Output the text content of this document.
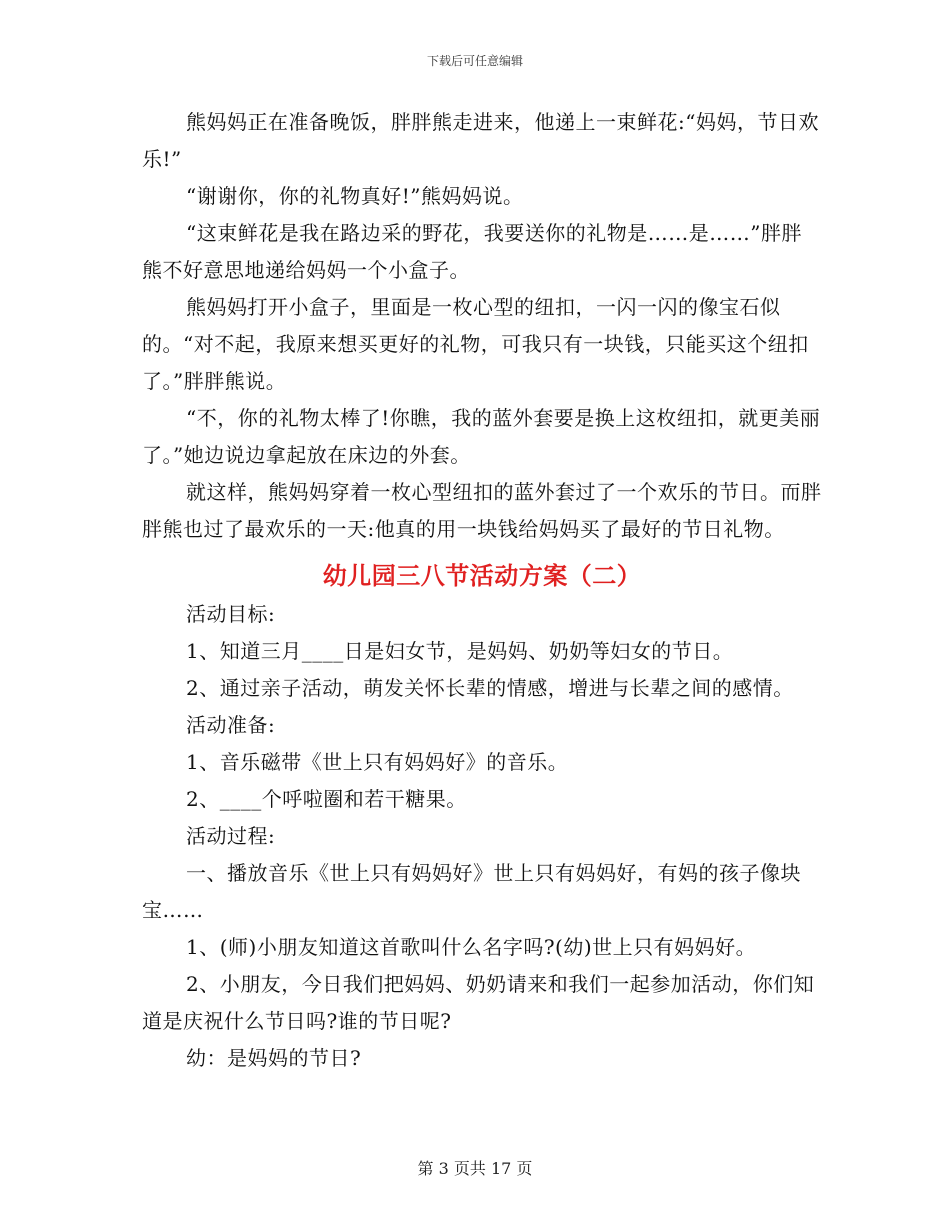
下载后可任意编辑

熊妈妈正在准备晚饭，胖胖熊走进来，他递上一束鲜花:“妈妈，节日欢乐!”

“谢谢你，你的礼物真好!”熊妈妈说。

“这束鲜花是我在路边采的野花，我要送你的礼物是……是……”胖胖熊不好意思地递给妈妈一个小盒子。

熊妈妈打开小盒子，里面是一枚心型的纽扣，一闪一闪的像宝石似的。“对不起，我原来想买更好的礼物，可我只有一块钱，只能买这个纽扣了。”胖胖熊说。

“不，你的礼物太棒了!你瞧，我的蓝外套要是换上这枚纽扣，就更美丽了。”她边说边拿起放在床边的外套。

就这样，熊妈妈穿着一枚心型纽扣的蓝外套过了一个欢乐的节日。而胖胖熊也过了最欢乐的一天:他真的用一块钱给妈妈买了最好的节日礼物。

幼儿园三八节活动方案（二）

活动目标:

1、知道三月____日是妇女节，是妈妈、奶奶等妇女的节日。

2、通过亲子活动，萌发关怀长辈的情感，增进与长辈之间的感情。

活动准备:

1、音乐磁带《世上只有妈妈好》的音乐。

2、____个呼啦圈和若干糖果。

活动过程:

一、播放音乐《世上只有妈妈好》世上只有妈妈好，有妈的孩子像块宝……

1、(师)小朋友知道这首歌叫什么名字吗?(幼)世上只有妈妈好。

2、小朋友，今日我们把妈妈、奶奶请来和我们一起参加活动，你们知道是庆祝什么节日吗?谁的节日呢?

幼：是妈妈的节日?

第 3 页共 17 页
